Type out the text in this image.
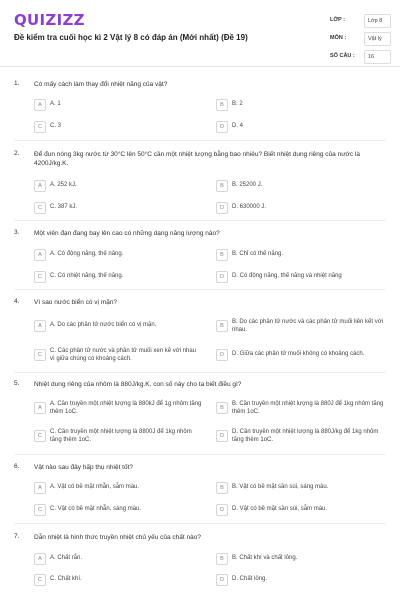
QUIZIZZ
Đề kiểm tra cuối học kì 2 Vật lý 8 có đáp án (Mới nhất) (Đề 19)
LỚP :	Lớp 8
MÔN :	Vật lý
SỐ CÂU :	16
1. Có mấy cách làm thay đổi nhiệt năng của vật?
A	A. 1	B	B. 2
C	C. 3	D	D. 4
2. Để đun nóng 3kg nước từ 30°C lên 50°C cần một nhiệt lượng bằng bao nhiêu? Biết nhiệt dung riêng của nước là 4200J/kg.K.
A	A. 252 kJ.	B	B. 25200 J.
C	C. 387 kJ.	D	D. 630000 J.
3. Một viên đạn đang bay lên cao có những dạng năng lượng nào?
A	A. Có động năng, thế năng.	B	B. Chỉ có thế năng.
C	C. Có nhiệt năng, thế năng.	D	D. Có động năng, thế năng và nhiệt năng
4. Vì sao nước biển có vị mặn?
A	A. Do các phân tử nước biển có vị mặn.	B
B. Do các phân tử nước và các phân tử muối liên kết với nhau.
C
C. Các phân tử nước và phân tử muối xen kẽ với nhau vì giữa chúng có khoảng cách.
D	D. Giữa các phân tử muối không có khoảng cách.
5. Nhiệt dung riêng của nhôm là 880J/kg.K, con số này cho ta biết điều gì?
A
A. Cần truyền một nhiệt lượng là 880kJ để 1g nhôm tăng thêm 1oC.
B
B. Cần truyền một nhiệt lượng là 880J để 1kg nhôm tăng thêm 1oC.
C
C. Cần truyền một nhiệt lượng là 8800J để 1kg nhôm tăng thêm 1oC.
D
D. Cần truyền một nhiệt lượng là 880J/kg để 1kg nhôm tăng thêm 1oC.
6. Vật nào sau đây hấp thụ nhiệt tốt?
A	A. Vật có bề mặt nhẵn, sẫm màu.	B	B. Vật có bề mặt sần sùi, sáng màu.
C	C. Vật có bề mặt nhẵn, sáng màu.	D	D. Vật có bề mặt sần sùi, sẫm màu.
7. Dẫn nhiệt là hình thức truyền nhiệt chủ yếu của chất nào?
A	A. Chất rắn.	B	B. Chất khí và chất lỏng.
C	C. Chất khí.	D	D. Chất lỏng.
